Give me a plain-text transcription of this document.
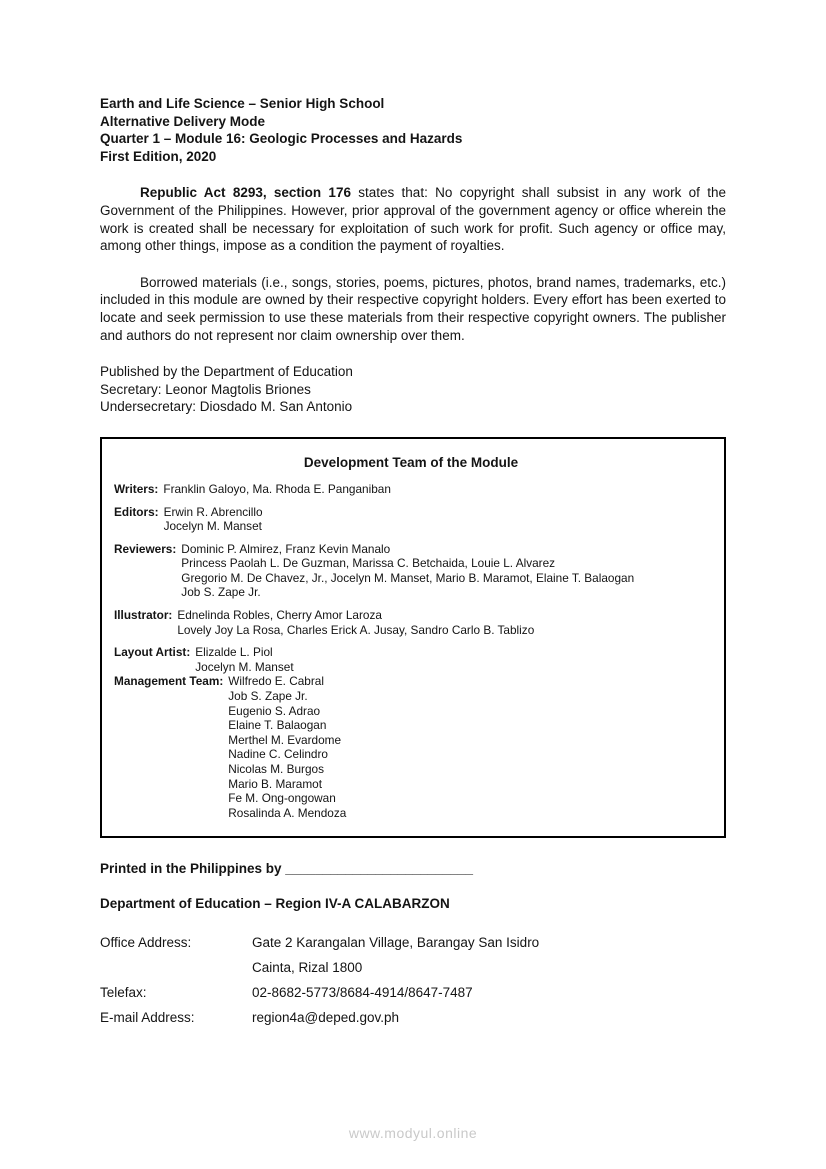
Earth and Life Science – Senior High School
Alternative Delivery Mode
Quarter 1 – Module 16: Geologic Processes and Hazards
First Edition, 2020

Republic Act 8293, section 176 states that: No copyright shall subsist in any work of the Government of the Philippines. However, prior approval of the government agency or office wherein the work is created shall be necessary for exploitation of such work for profit. Such agency or office may, among other things, impose as a condition the payment of royalties.

Borrowed materials (i.e., songs, stories, poems, pictures, photos, brand names, trademarks, etc.) included in this module are owned by their respective copyright holders. Every effort has been exerted to locate and seek permission to use these materials from their respective copyright owners. The publisher and authors do not represent nor claim ownership over them.

Published by the Department of Education
Secretary: Leonor Magtolis Briones
Undersecretary: Diosdado M. San Antonio
Development Team of the Module
Writers: Franklin Galoyo, Ma. Rhoda E. Panganiban
Editors: Erwin R. Abrencillo
Jocelyn M. Manset
Reviewers: Dominic P. Almirez, Franz Kevin Manalo
Princess Paolah L. De Guzman, Marissa C. Betchaida, Louie L. Alvarez
Gregorio M. De Chavez, Jr., Jocelyn M. Manset, Mario B. Maramot, Elaine T. Balaogan
Job S. Zape Jr.
Illustrator: Ednelinda Robles, Cherry Amor Laroza
Lovely Joy La Rosa, Charles Erick A. Jusay, Sandro Carlo B. Tablizo
Layout Artist: Elizalde L. Piol
Jocelyn M. Manset
Management Team: Wilfredo E. Cabral
Job S. Zape Jr.
Eugenio S. Adrao
Elaine T. Balaogan
Merthel M. Evardome
Nadine C. Celindro
Nicolas M. Burgos
Mario B. Maramot
Fe M. Ong-ongowan
Rosalinda A. Mendoza

Printed in the Philippines by _________________________

Department of Education – Region IV-A CALABARZON

Office Address:	Gate 2 Karangalan Village, Barangay San Isidro
Cainta, Rizal 1800
Telefax:	02-8682-5773/8684-4914/8647-7487
E-mail Address:	region4a@deped.gov.ph
www.modyul.online
